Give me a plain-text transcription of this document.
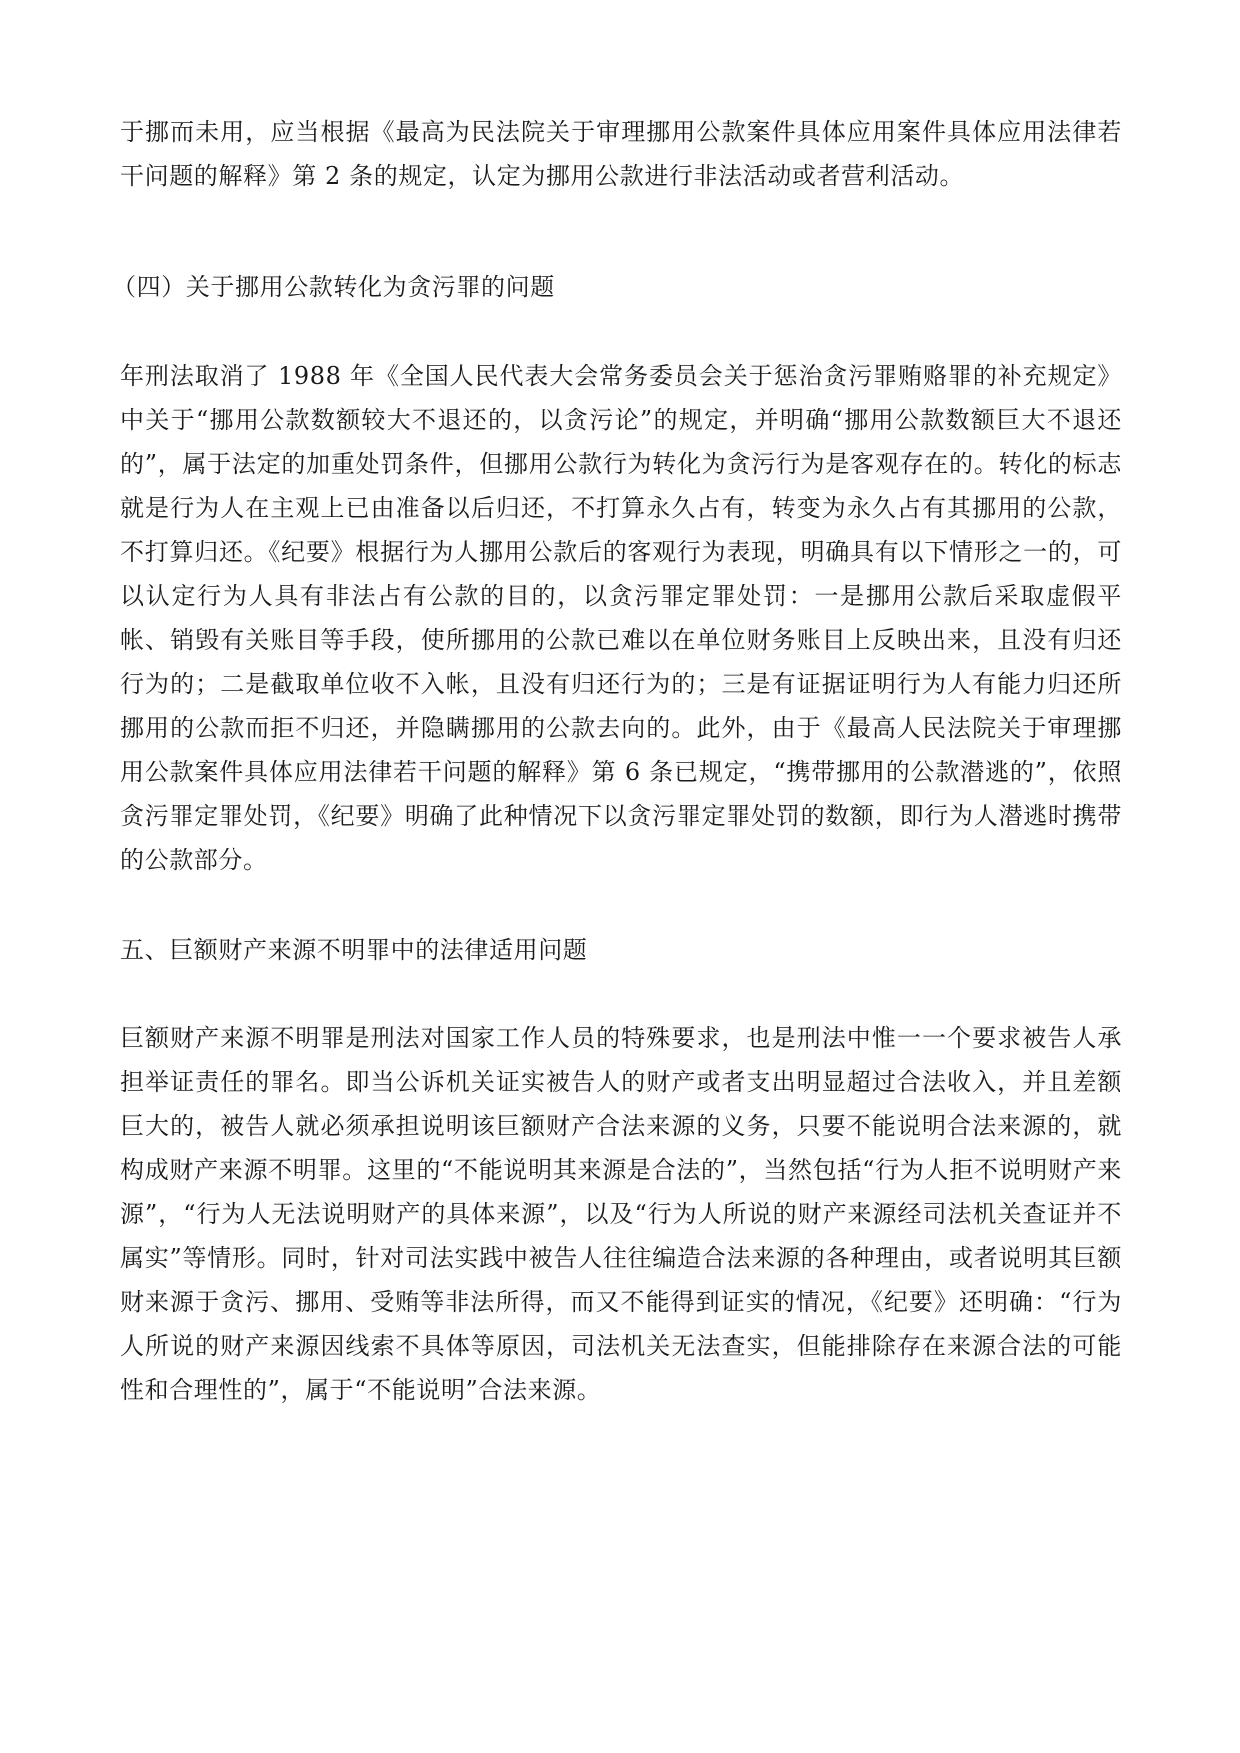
于挪而未用，应当根据《最高为民法院关于审理挪用公款案件具体应用案件具体应用法律若干问题的解释》第 2 条的规定，认定为挪用公款进行非法活动或者营利活动。

（四）关于挪用公款转化为贪污罪的问题

年刑法取消了 1988 年《全国人民代表大会常务委员会关于惩治贪污罪贿赂罪的补充规定》中关于“挪用公款数额较大不退还的，以贪污论”的规定，并明确“挪用公款数额巨大不退还的”，属于法定的加重处罚条件，但挪用公款行为转化为贪污行为是客观存在的。转化的标志就是行为人在主观上已由准备以后归还，不打算永久占有，转变为永久占有其挪用的公款，不打算归还。《纪要》根据行为人挪用公款后的客观行为表现，明确具有以下情形之一的，可以认定行为人具有非法占有公款的目的，以贪污罪定罪处罚：一是挪用公款后采取虚假平帐、销毁有关账目等手段，使所挪用的公款已难以在单位财务账目上反映出来，且没有归还行为的；二是截取单位收不入帐，且没有归还行为的；三是有证据证明行为人有能力归还所挪用的公款而拒不归还，并隐瞒挪用的公款去向的。此外，由于《最高人民法院关于审理挪用公款案件具体应用法律若干问题的解释》第 6 条已规定，“携带挪用的公款潜逃的”，依照贪污罪定罪处罚，《纪要》明确了此种情况下以贪污罪定罪处罚的数额，即行为人潜逃时携带的公款部分。

五、巨额财产来源不明罪中的法律适用问题

巨额财产来源不明罪是刑法对国家工作人员的特殊要求，也是刑法中惟一一个要求被告人承担举证责任的罪名。即当公诉机关证实被告人的财产或者支出明显超过合法收入，并且差额巨大的，被告人就必须承担说明该巨额财产合法来源的义务，只要不能说明合法来源的，就构成财产来源不明罪。这里的“不能说明其来源是合法的”，当然包括“行为人拒不说明财产来源”，“行为人无法说明财产的具体来源”，以及“行为人所说的财产来源经司法机关查证并不属实”等情形。同时，针对司法实践中被告人往往编造合法来源的各种理由，或者说明其巨额财来源于贪污、挪用、受贿等非法所得，而又不能得到证实的情况，《纪要》还明确：“行为人所说的财产来源因线索不具体等原因，司法机关无法查实，但能排除存在来源合法的可能性和合理性的”，属于“不能说明”合法来源。
